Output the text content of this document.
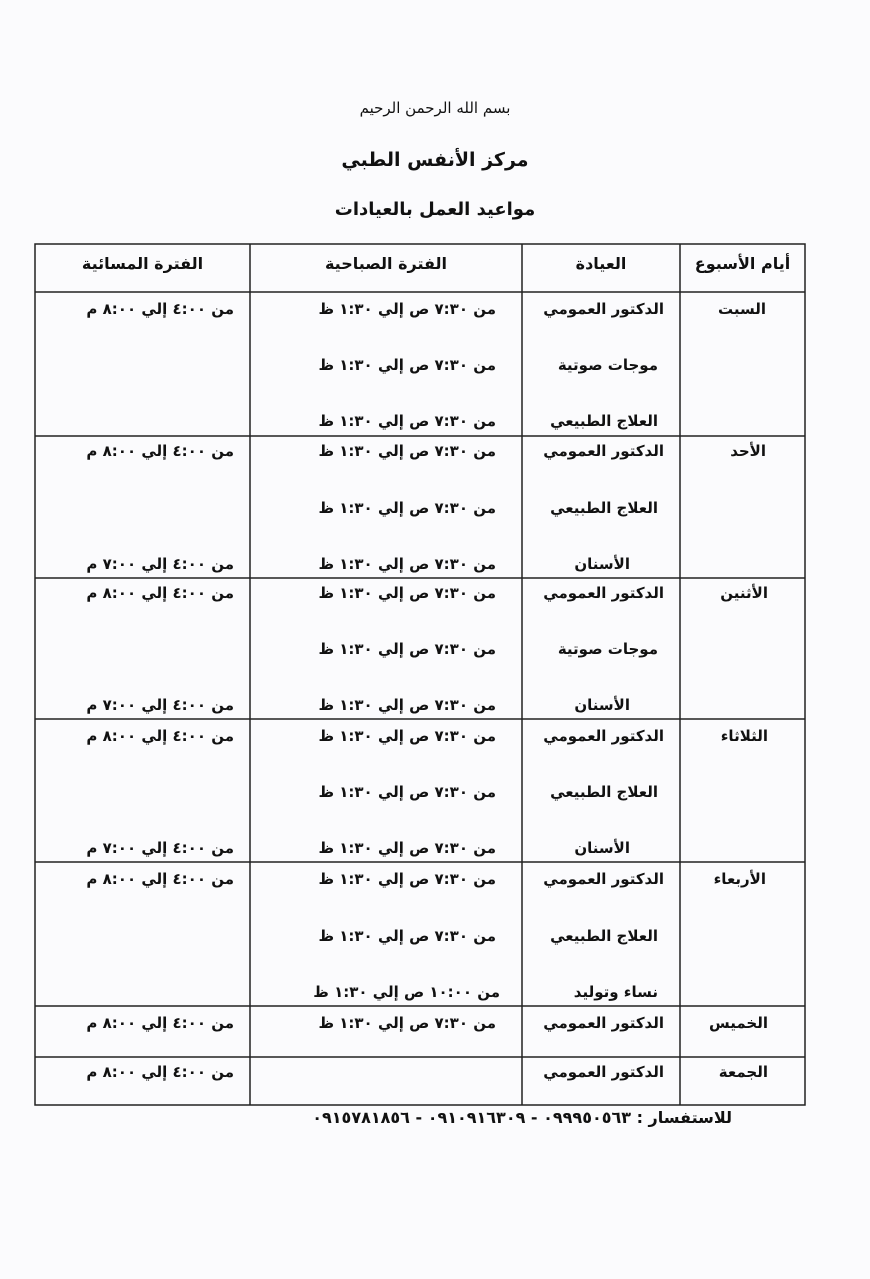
بسم الله الرحمن الرحيم
مركز الأنفس الطبي
مواعيد العمل بالعيادات
أيام الأسبوع
العيادة
الفترة الصباحية
الفترة المسائية
السبت
الدكتور العمومي
من ٧:٣٠ ص إلي ١:٣٠ ظ
من ٤:٠٠ إلي ٨:٠٠ م
موجات صوتية
من ٧:٣٠ ص إلي ١:٣٠ ظ
العلاج الطبيعي
من ٧:٣٠ ص إلي ١:٣٠ ظ
الأحد
الدكتور العمومي
من ٧:٣٠ ص إلي ١:٣٠ ظ
من ٤:٠٠ إلي ٨:٠٠ م
العلاج الطبيعي
من ٧:٣٠ ص إلي ١:٣٠ ظ
الأسنان
من ٧:٣٠ ص إلي ١:٣٠ ظ
من ٤:٠٠ إلي ٧:٠٠ م
الأثنين
الدكتور العمومي
من ٧:٣٠ ص إلي ١:٣٠ ظ
من ٤:٠٠ إلي ٨:٠٠ م
موجات صوتية
من ٧:٣٠ ص إلي ١:٣٠ ظ
الأسنان
من ٧:٣٠ ص إلي ١:٣٠ ظ
من ٤:٠٠ إلي ٧:٠٠ م
الثلاثاء
الدكتور العمومي
من ٧:٣٠ ص إلي ١:٣٠ ظ
من ٤:٠٠ إلي ٨:٠٠ م
العلاج الطبيعي
من ٧:٣٠ ص إلي ١:٣٠ ظ
الأسنان
من ٧:٣٠ ص إلي ١:٣٠ ظ
من ٤:٠٠ إلي ٧:٠٠ م
الأربعاء
الدكتور العمومي
من ٧:٣٠ ص إلي ١:٣٠ ظ
من ٤:٠٠ إلي ٨:٠٠ م
العلاج الطبيعي
من ٧:٣٠ ص إلي ١:٣٠ ظ
نساء وتوليد
من ١٠:٠٠ ص إلي ١:٣٠ ظ
الخميس
الدكتور العمومي
من ٧:٣٠ ص إلي ١:٣٠ ظ
من ٤:٠٠ إلي ٨:٠٠ م
الجمعة
الدكتور العمومي
من ٤:٠٠ إلي ٨:٠٠ م
للاستفسار : ٠٩٩٩٥٠٥٦٣ - ٠٩١٠٩١٦٣٠٩ - ٠٩١٥٧٨١٨٥٦
